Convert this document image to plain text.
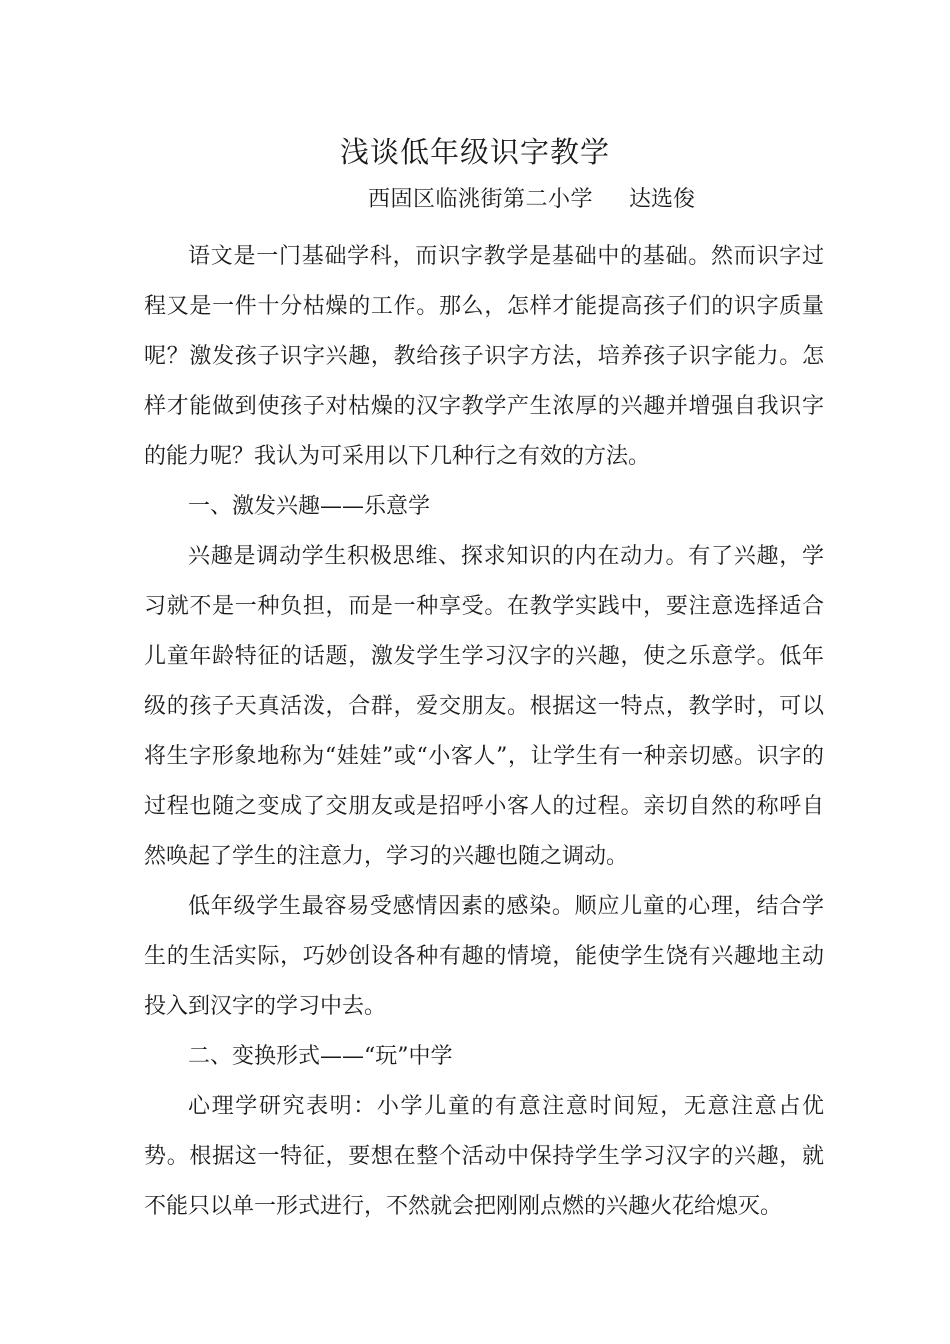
浅谈低年级识字教学
西固区临洮街第二小学 达选俊

语文是一门基础学科，而识字教学是基础中的基础。然而识字过程又是一件十分枯燥的工作。那么，怎样才能提高孩子们的识字质量呢？激发孩子识字兴趣，教给孩子识字方法，培养孩子识字能力。怎样才能做到使孩子对枯燥的汉字教学产生浓厚的兴趣并增强自我识字的能力呢？我认为可采用以下几种行之有效的方法。

一、激发兴趣——乐意学

兴趣是调动学生积极思维、探求知识的内在动力。有了兴趣，学习就不是一种负担，而是一种享受。在教学实践中，要注意选择适合儿童年龄特征的话题，激发学生学习汉字的兴趣，使之乐意学。低年级的孩子天真活泼，合群，爱交朋友。根据这一特点，教学时，可以将生字形象地称为“娃娃”或“小客人”，让学生有一种亲切感。识字的过程也随之变成了交朋友或是招呼小客人的过程。亲切自然的称呼自然唤起了学生的注意力，学习的兴趣也随之调动。

低年级学生最容易受感情因素的感染。顺应儿童的心理，结合学生的生活实际，巧妙创设各种有趣的情境，能使学生饶有兴趣地主动投入到汉字的学习中去。

二、变换形式——“玩”中学

心理学研究表明：小学儿童的有意注意时间短，无意注意占优势。根据这一特征，要想在整个活动中保持学生学习汉字的兴趣，就不能只以单一形式进行，不然就会把刚刚点燃的兴趣火花给熄灭。
